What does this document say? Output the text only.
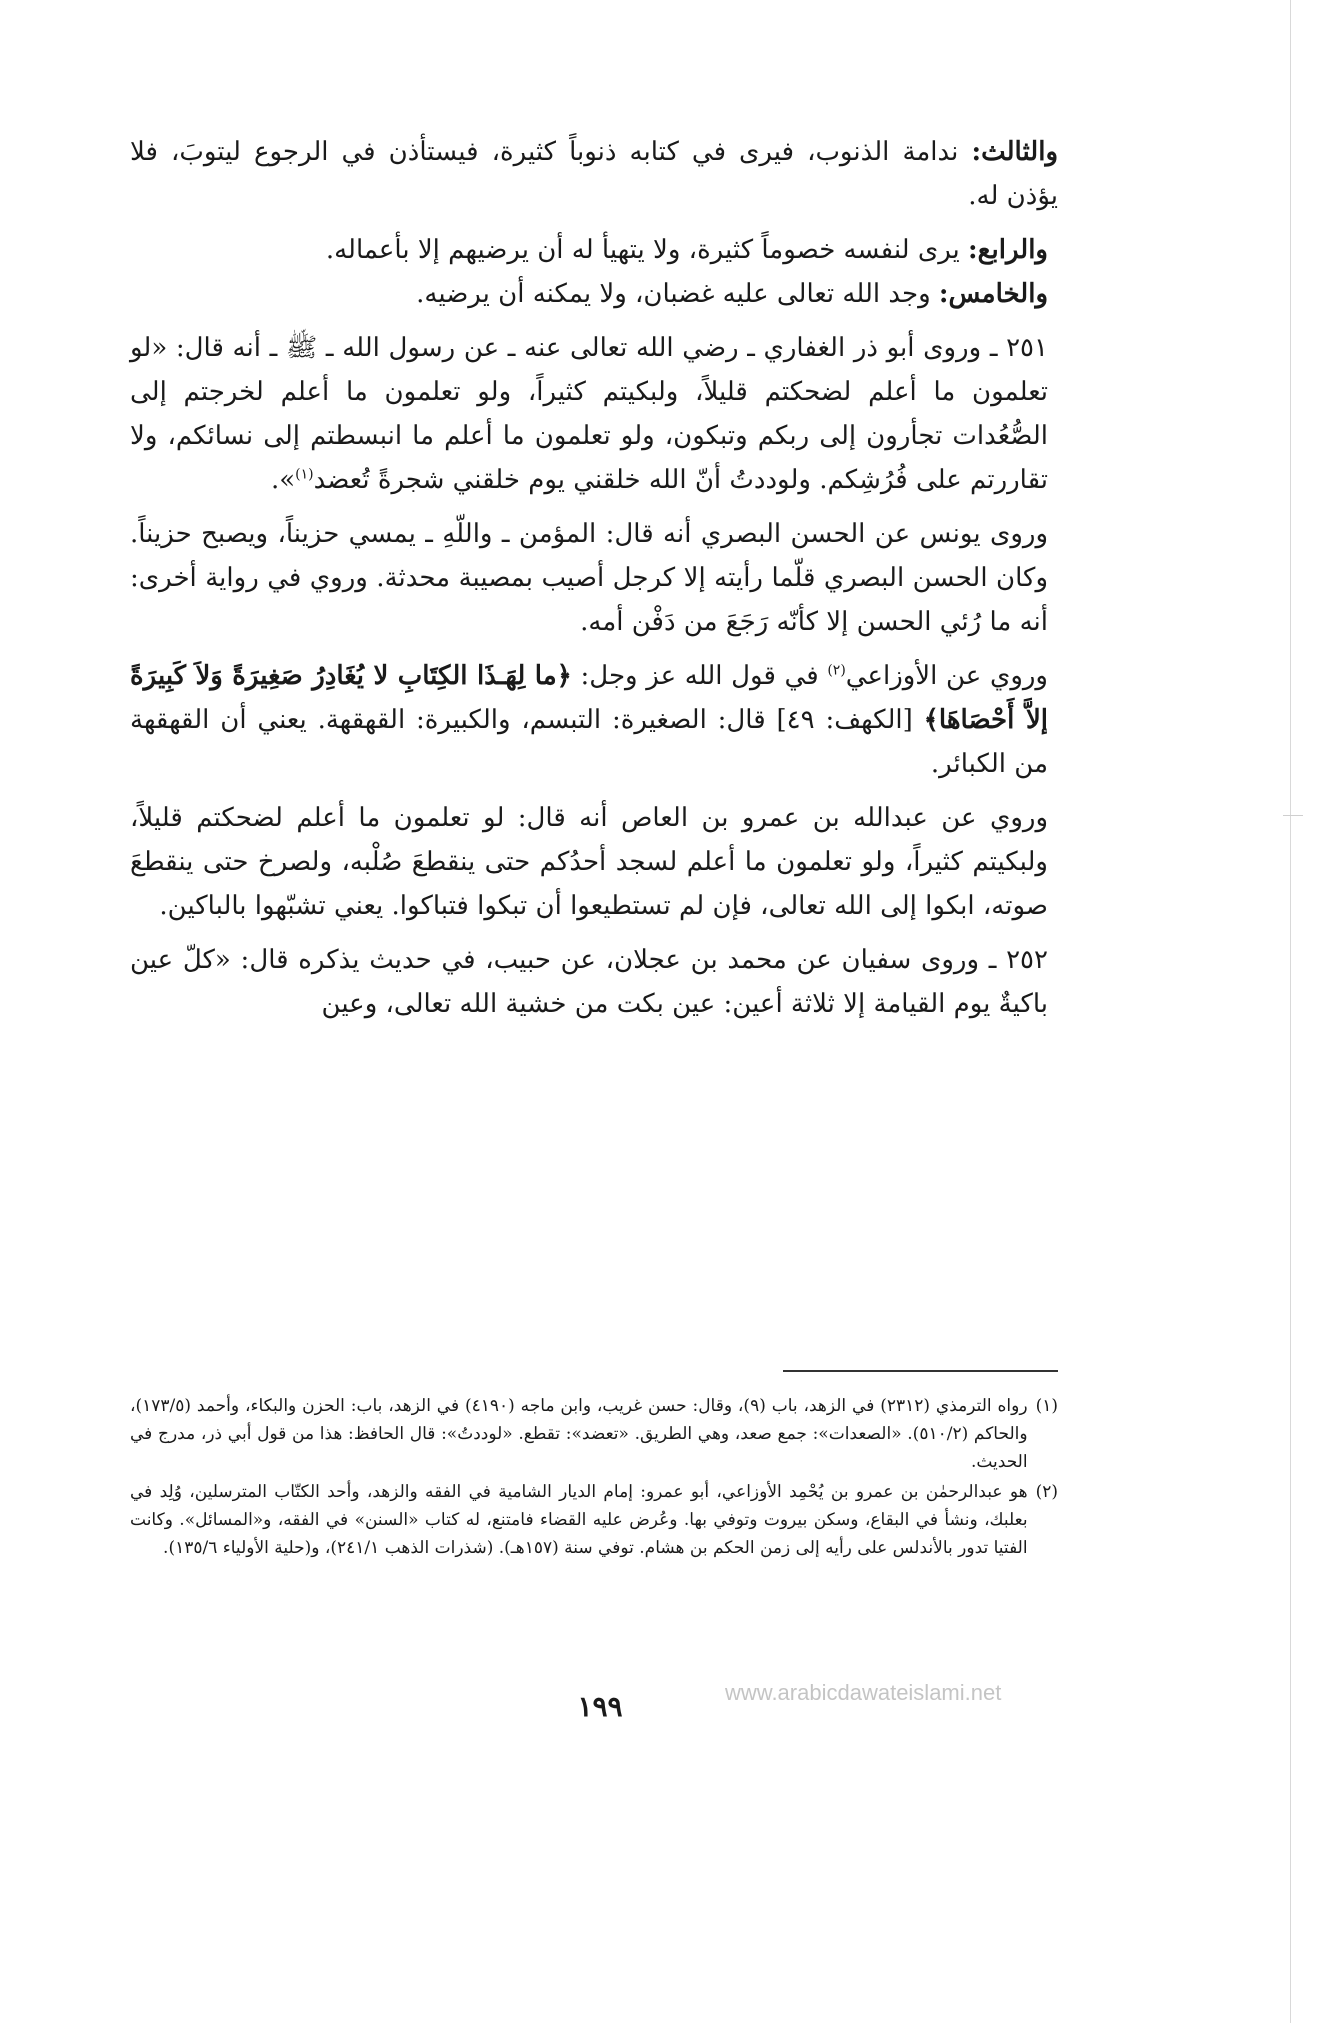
والثالث: ندامة الذنوب، فيرى في كتابه ذنوباً كثيرة، فيستأذن في الرجوع ليتوبَ، فلا يؤذن له.

والرابع: يرى لنفسه خصوماً كثيرة، ولا يتهيأ له أن يرضيهم إلا بأعماله.

والخامس: وجد الله تعالى عليه غضبان، ولا يمكنه أن يرضيه.

٢٥١ ـ وروى أبو ذر الغفاري ـ رضي الله تعالى عنه ـ عن رسول الله ـ ﷺ ـ أنه قال: «لو تعلمون ما أعلم لضحكتم قليلاً، ولبكيتم كثيراً، ولو تعلمون ما أعلم لخرجتم إلى الصُّعُدات تجأرون إلى ربكم وتبكون، ولو تعلمون ما أعلم ما انبسطتم إلى نسائكم، ولا تقاررتم على فُرُشِكم. ولوددتُ أنّ الله خلقني يوم خلقني شجرةً تُعضد$^{(١)}$».

وروى يونس عن الحسن البصري أنه قال: المؤمن ـ واللّهِ ـ يمسي حزيناً، ويصبح حزيناً. وكان الحسن البصري قلّما رأيته إلا كرجل أصيب بمصيبة محدثة. وروي في رواية أخرى: أنه ما رُئي الحسن إلا كأنّه رَجَعَ من دَفْن أمه.

وروي عن الأوزاعي$^{(٢)}$ في قول الله عز وجل: ﴿ما لِهَـذَا الكِتَابِ لا يُغَادِرُ صَغِيرَةً وَلاَ كَبِيرَةً إلاَّ أَحْصَاهَا﴾ [الكهف: ٤٩] قال: الصغيرة: التبسم، والكبيرة: القهقهة. يعني أن القهقهة من الكبائر.

وروي عن عبدالله بن عمرو بن العاص أنه قال: لو تعلمون ما أعلم لضحكتم قليلاً، ولبكيتم كثيراً، ولو تعلمون ما أعلم لسجد أحدُكم حتى ينقطعَ صُلْبه، ولصرخ حتى ينقطعَ صوته، ابكوا إلى الله تعالى، فإن لم تستطيعوا أن تبكوا فتباكوا. يعني تشبّهوا بالباكين.

٢٥٢ ـ وروى سفيان عن محمد بن عجلان، عن حبيب، في حديث يذكره قال: «كلّ عين باكيةٌ يوم القيامة إلا ثلاثة أعين: عين بكت من خشية الله تعالى، وعين

(١)
رواه الترمذي (٢٣١٢) في الزهد، باب (٩)، وقال: حسن غريب، وابن ماجه (٤١٩٠) في الزهد، باب: الحزن والبكاء، وأحمد (١٧٣/٥)، والحاكم (٥١٠/٢). «الصعدات»: جمع صعد، وهي الطريق. «تعضد»: تقطع. «لوددتُ»: قال الحافظ: هذا من قول أبي ذر، مدرج في الحديث.
(٢)
هو عبدالرحمٰن بن عمرو بن يُحْمِد الأوزاعي، أبو عمرو: إمام الديار الشامية في الفقه والزهد، وأحد الكتّاب المترسلين، وُلِد في بعلبك، ونشأ في البقاع، وسكن بيروت وتوفي بها. وعُرض عليه القضاء فامتنع، له كتاب «السنن» في الفقه، و«المسائل». وكانت الفتيا تدور بالأندلس على رأيه إلى زمن الحكم بن هشام. توفي سنة (١٥٧هـ). (شذرات الذهب ٢٤١/١)، و(حلية الأولياء ١٣٥/٦).
١٩٩	www.arabicdawateislami.net
